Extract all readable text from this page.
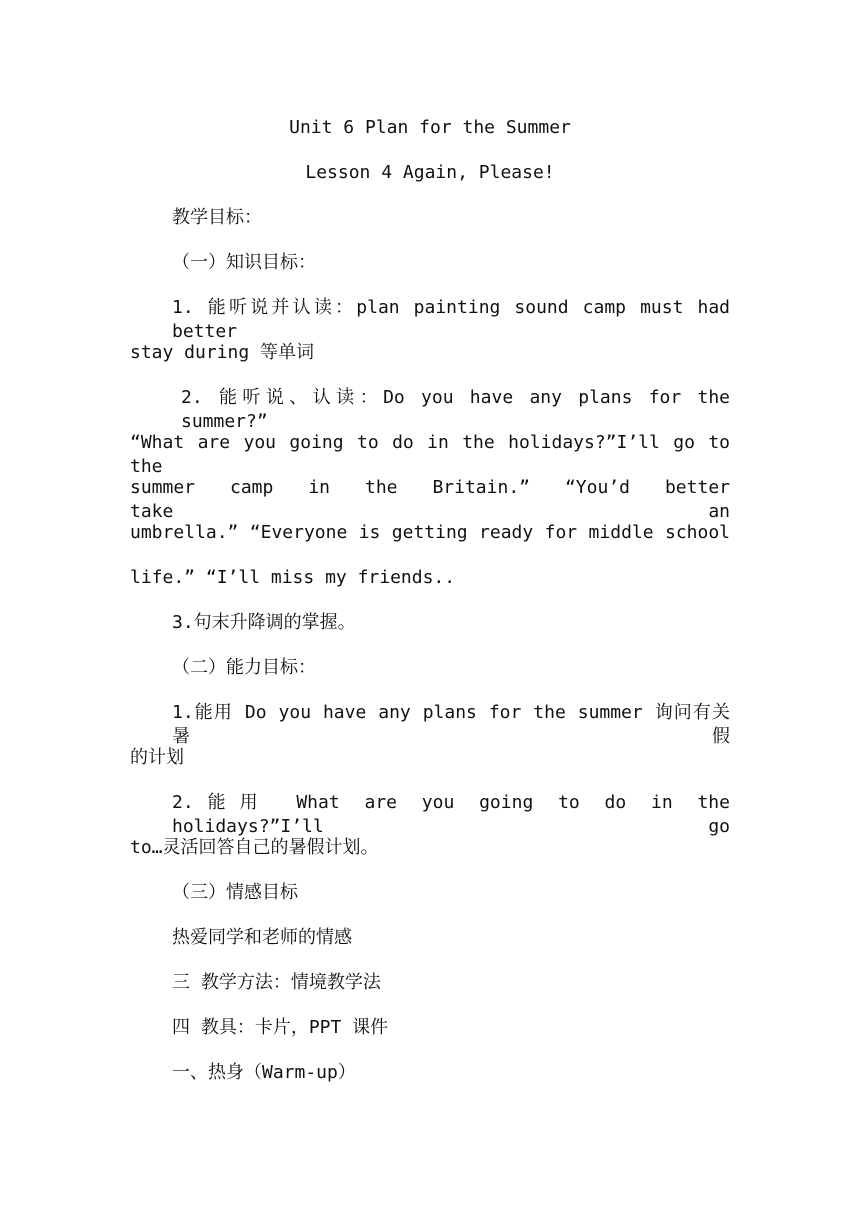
Unit 6 Plan for the Summer
Lesson 4 Again, Please!
教学目标：
（一）知识目标：
1. 能听说并认读：plan painting sound camp must had better
stay during 等单词
2. 能听说、认读：Do you have any plans for the summer?”
“What are you going to do in the holidays?”I’ll go to the
summer camp in the Britain.” “You’d better take an
umbrella.” “Everyone is getting ready for middle school
life.” “I’ll miss my friends..
3.句末升降调的掌握。
（二）能力目标：
1.能用 Do you have any plans for the summer 询问有关暑假
的计划
2.能用 What are you going to do in the holidays?”I’ll go
to…灵活回答自己的暑假计划。
（三）情感目标
热爱同学和老师的情感
三 教学方法：情境教学法
四 教具：卡片，PPT 课件
一、热身（Warm-up）
